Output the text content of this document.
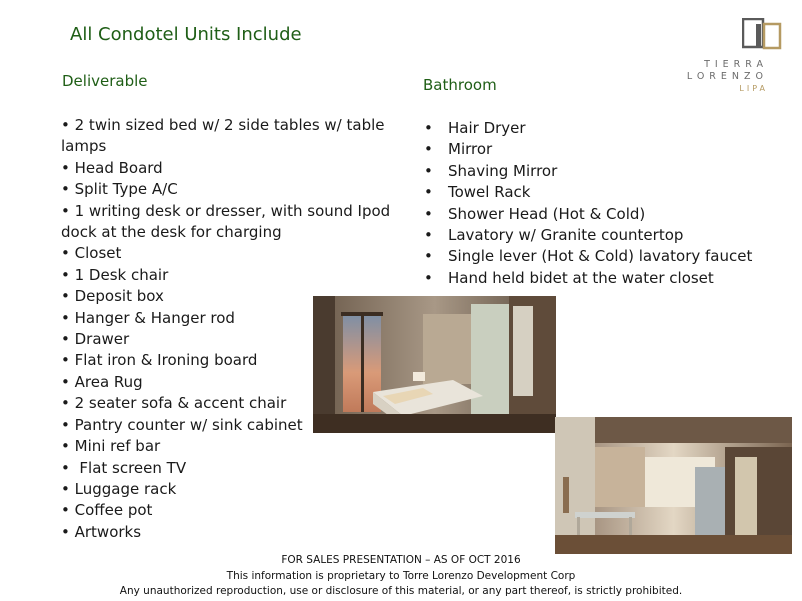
All Condotel Units Include
TIERRA
LORENZO
LIPA
Deliverable
• 2 twin sized bed w/ 2 side tables w/ table lamps
• Head Board
• Split Type A/C
• 1 writing desk or dresser, with sound Ipod dock at the desk for charging
• Closet
• 1 Desk chair
• Deposit box
• Hanger & Hanger rod
• Drawer
• Flat iron & Ironing board
• Area Rug
• 2 seater sofa & accent chair
• Pantry counter w/ sink cabinet
• Mini ref bar
•  Flat screen TV
• Luggage rack
• Coffee pot
• Artworks
Bathroom
• Hair Dryer
• Mirror
• Shaving Mirror
• Towel Rack
• Shower Head (Hot & Cold)
• Lavatory w/ Granite countertop
• Single lever (Hot & Cold) lavatory faucet
• Hand held bidet at the water closet
FOR SALES PRESENTATION – AS OF OCT 2016
This information is proprietary to Torre Lorenzo Development Corp
Any unauthorized reproduction, use or disclosure of this material, or any part thereof, is strictly prohibited.
